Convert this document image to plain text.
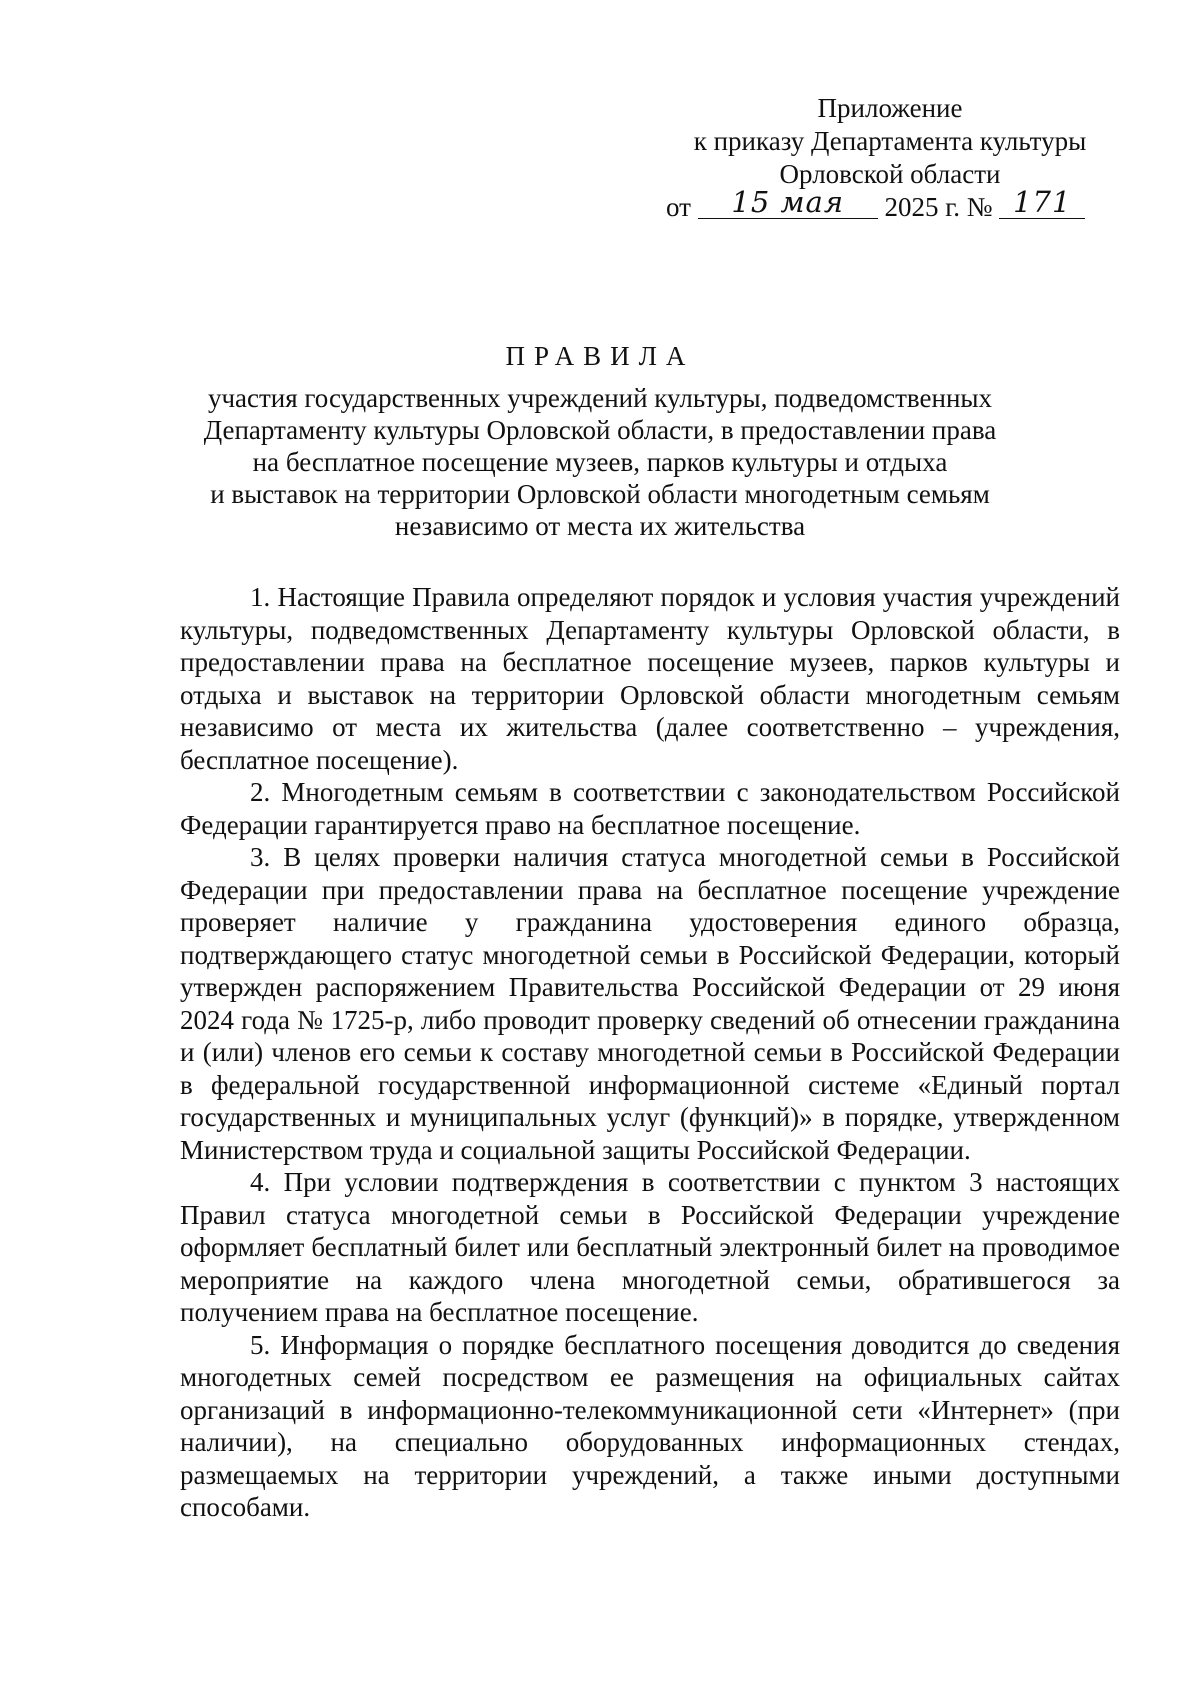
Приложение
к приказу Департамента культуры
Орловской области
от 15 мая 2025 г. № 171
ПРАВИЛА
участия государственных учреждений культуры, подведомственных
Департаменту культуры Орловской области, в предоставлении права
на бесплатное посещение музеев, парков культуры и отдыха
и выставок на территории Орловской области многодетным семьям
независимо от места их жительства

1. Настоящие Правила определяют порядок и условия участия учреждений культуры, подведомственных Департаменту культуры Орловской области, в предоставлении права на бесплатное посещение музеев, парков культуры и отдыха и выставок на территории Орловской области многодетным семьям независимо от места их жительства (далее соответственно – учреждения, бесплатное посещение).

2. Многодетным семьям в соответствии с законодательством Российской Федерации гарантируется право на бесплатное посещение.

3. В целях проверки наличия статуса многодетной семьи в Российской Федерации при предоставлении права на бесплатное посещение учреждение проверяет наличие у гражданина удостоверения единого образца, подтверждающего статус многодетной семьи в Российской Федерации, который утвержден распоряжением Правительства Российской Федерации от 29 июня 2024 года № 1725-р, либо проводит проверку сведений об отнесении гражданина и (или) членов его семьи к составу многодетной семьи в Российской Федерации в федеральной государственной информационной системе «Единый портал государственных и муниципальных услуг (функций)» в порядке, утвержденном Министерством труда и социальной защиты Российской Федерации.

4. При условии подтверждения в соответствии с пунктом 3 настоящих Правил статуса многодетной семьи в Российской Федерации учреждение оформляет бесплатный билет или бесплатный электронный билет на проводимое мероприятие на каждого члена многодетной семьи, обратившегося за получением права на бесплатное посещение.

5. Информация о порядке бесплатного посещения доводится до сведения многодетных семей посредством ее размещения на официальных сайтах организаций в информационно-телекоммуникационной сети «Интернет» (при наличии), на специально оборудованных информационных стендах, размещаемых на территории учреждений, а также иными доступными способами.
